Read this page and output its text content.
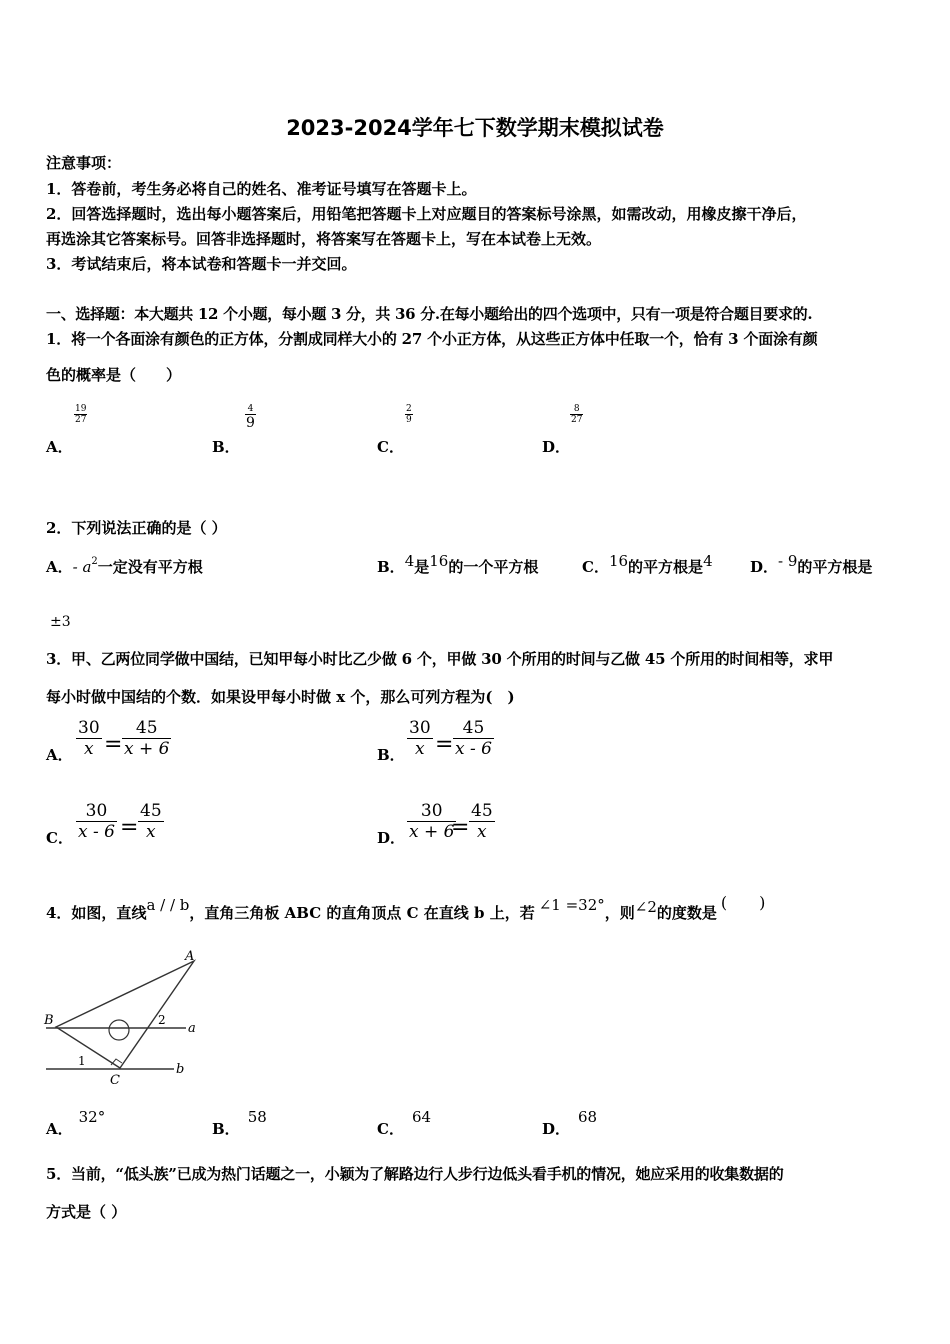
2023-2024学年七下数学期末模拟试卷
注意事项：
1．答卷前，考生务必将自己的姓名、准考证号填写在答题卡上。
2．回答选择题时，选出每小题答案后，用铅笔把答题卡上对应题目的答案标号涂黑，如需改动，用橡皮擦干净后，
再选涂其它答案标号。回答非选择题时，将答案写在答题卡上，写在本试卷上无效。
3．考试结束后，将本试卷和答题卡一并交回。
一、选择题：本大题共 12 个小题，每小题 3 分，共 36 分.在每小题给出的四个选项中，只有一项是符合题目要求的.
1．将一个各面涂有颜色的正方体，分割成同样大小的 27 个小正方体，从这些正方体中任取一个，恰有 3 个面涂有颜
色的概率是（　　）
A．
$\frac{19}{27}$
B．
4
9
C．
$\frac{2}{9}$
D．
$\frac{8}{27}$
2．下列说法正确的是（ ）
A．- $a^2$一定没有平方根	B．4是16的一个平方根	C．16的平方根是4 D．- 9的平方根是
±3
3．甲、乙两位同学做中国结，已知甲每小时比乙少做 6 个，甲做 30 个所用的时间与乙做 45 个所用的时间相等，求甲
每小时做中国结的个数．如果设甲每小时做 x 个，那么可列方程为(　)
A． $\frac{30}{x} = \frac{45}{x + 6}$	B． $\frac{30}{x} = \frac{45}{x - 6}$
C． $\frac{30}{x - 6} = \frac{45}{x}$	D． $\frac{30}{x + 6}$
= $\frac{45}{x}$
4．如图，直线a / / b，直角三角板 ABC 的直角顶点 C 在直线 b 上，若 ∠1 =32°，则∠2的度数是(　　)
A
B
C
a
b
1
2
A．32°
B．58
C．64
D．68
5．当前，“低头族”已成为热门话题之一，小颖为了解路边行人步行边低头看手机的情况，她应采用的收集数据的
方式是（ ）
